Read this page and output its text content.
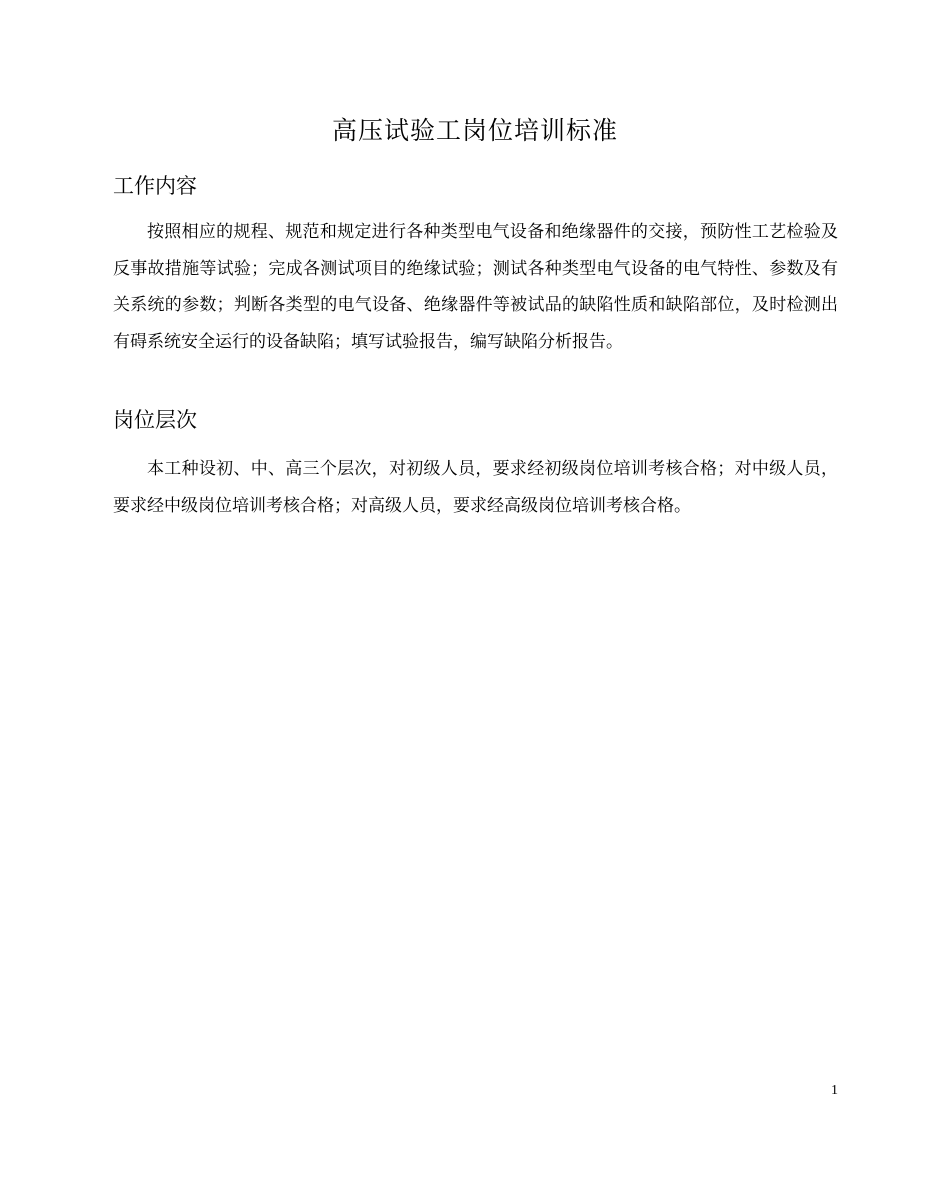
高压试验工岗位培训标准
工作内容

按照相应的规程、规范和规定进行各种类型电气设备和绝缘器件的交接，预防性工艺检验及反事故措施等试验；完成各测试项目的绝缘试验；测试各种类型电气设备的电气特性、参数及有关系统的参数；判断各类型的电气设备、绝缘器件等被试品的缺陷性质和缺陷部位，及时检测出有碍系统安全运行的设备缺陷；填写试验报告，编写缺陷分析报告。

岗位层次

本工种设初、中、高三个层次，对初级人员，要求经初级岗位培训考核合格；对中级人员，要求经中级岗位培训考核合格；对高级人员，要求经高级岗位培训考核合格。

1
